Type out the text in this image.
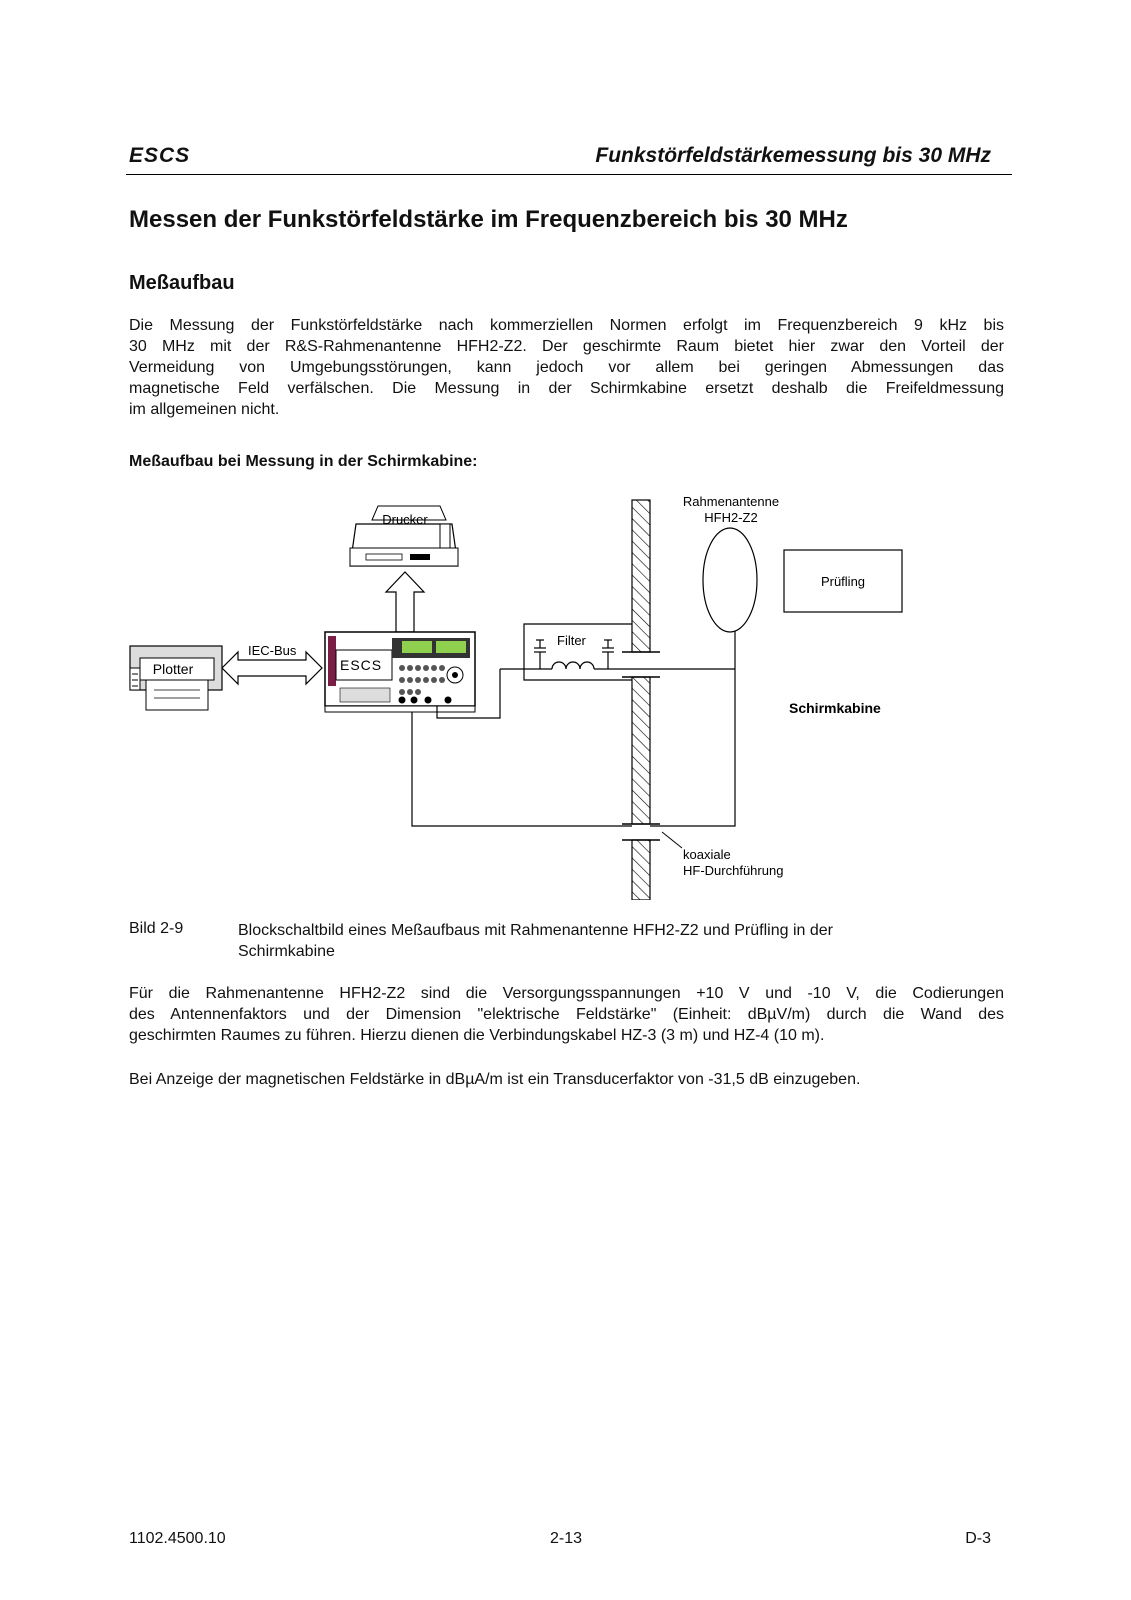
ESCS	Funkstörfeldstärkemessung bis 30 MHz
Messen der Funkstörfeldstärke im Frequenzbereich bis 30 MHz
Meßaufbau
Die Messung der Funkstörfeldstärke nach kommerziellen Normen erfolgt im Frequenzbereich 9 kHz bis
30 MHz mit der R&S-Rahmenantenne HFH2-Z2. Der geschirmte Raum bietet hier zwar den Vorteil der
Vermeidung von Umgebungsstörungen, kann jedoch vor allem bei geringen Abmessungen das
magnetische Feld verfälschen. Die Messung in der Schirmkabine ersetzt deshalb die Freifeldmessung
im allgemeinen nicht.
Meßaufbau bei Messung in der Schirmkabine:
Drucker
ESCS
IEC-Bus
Plotter
Filter
Rahmenantenne
HFH2-Z2
Prüfling
Schirmkabine
koaxiale
HF-Durchführung
Bild 2-9	Blockschaltbild eines Meßaufbaus mit Rahmenantenne HFH2-Z2 und Prüfling in der
Schirmkabine
Für die Rahmenantenne HFH2-Z2 sind die Versorgungsspannungen +10 V und -10 V, die Codierungen
des Antennenfaktors und der Dimension "elektrische Feldstärke" (Einheit: dBµV/m) durch die Wand des
geschirmten Raumes zu führen. Hierzu dienen die Verbindungskabel HZ-3 (3 m) und HZ-4 (10 m).
Bei Anzeige der magnetischen Feldstärke in dBµA/m ist ein Transducerfaktor von -31,5 dB einzugeben.
1102.4500.10	2-13	D-3
